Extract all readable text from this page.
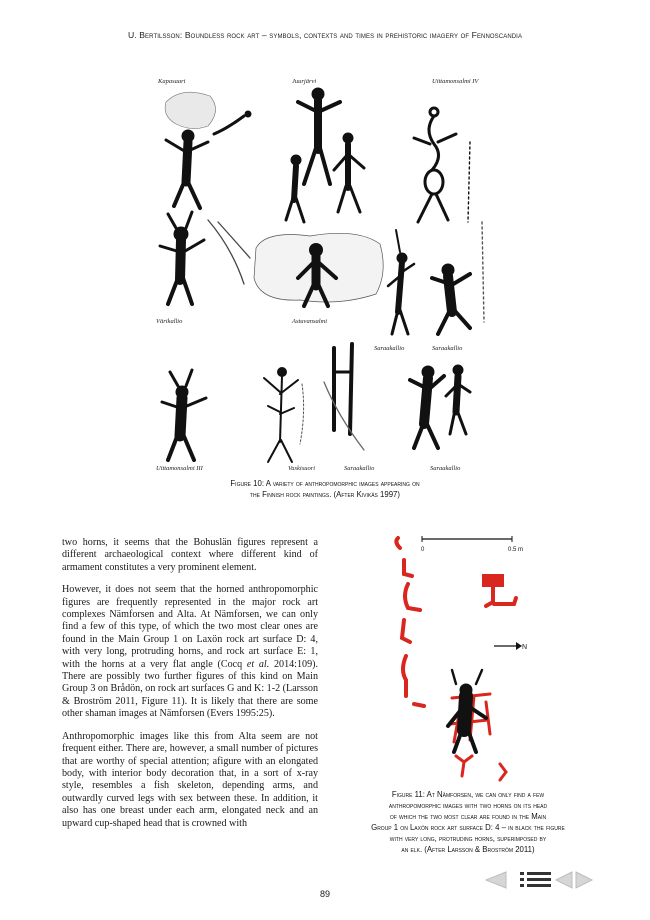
U. Bertilsson: Boundless rock art – symbols, contexts and times in prehistoric imagery of Fennoscandia
Kapasaari	Juurjärvi	Uittamonsalmi IV
Värikallio	Astuvansalmi
Saraakallio	Saraakallio
Uittamonsalmi III	Vaskisuori	Saraakallio	Saraakallio
Figure 10: A variety of anthropomorphic images appearing on
the Finnish rock paintings. (After Kivikäs 1997)
0	0.5 m
N
Figure 11: At Nämforsen, we can only find a few
anthropomorphic images with two horns on its head
of which the two most clear are found in the Main
Group 1 on Laxön rock art surface D: 4 – in black the figure
with very long, protruding horns, superimposed by
an elk. (After Larsson & Broström 2011)

two horns, it seems that the Bohuslän figures represent a different archaeological context where different kind of armament constitutes a very prominent element.

However, it does not seem that the horned anthropomorphic figures are frequently represented in the major rock art complexes Nämforsen and Alta. At Nämforsen, we can only find a few of this type, of which the two most clear ones are found in the Main Group 1 on Laxön rock art surface D: 4, with very long, protruding horns, and rock art surface E: 1, with the horns at a very flat angle (Cocq et al. 2014:109). There are possibly two further figures of this kind on Main Group 3 on Brådön, on rock art surfaces G and K: 1-2 (Larsson & Broström 2011, Figure 11). It is likely that there are some other shaman images at Nämforsen (Evers 1995:25).

Anthropomorphic images like this from Alta seem are not frequent either. There are, however, a small number of pictures that are worthy of special attention; afigure with an elongated body, with interior body decoration that, in a sort of x-ray style, resembles a fish skeleton, depending arms, and outwardly curved legs with sex between these. In addition, it also has one breast under each arm, elongated neck and an upward cup-shaped head that is crowned with

89
